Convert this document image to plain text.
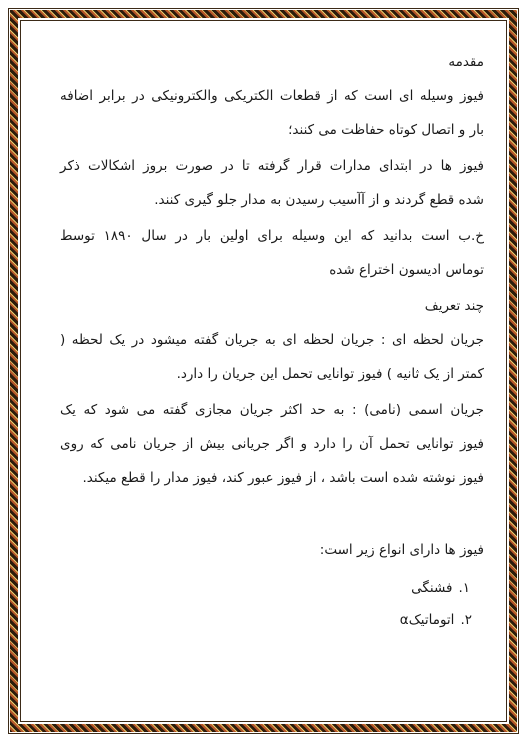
مقدمه
فیوز وسیله ای است که از قطعات الکتریکی والکترونیکی در برابر اضافه
بار و اتصال کوتاه حفاظت می کنند؛
فیوز ها در ابتدای مدارات قرار گرفته تا در صورت بروز اشکالات ذکر
شده قطع گردند و از آآسیب رسیدن به مدار جلو گیری کنند.
خ.ب است بدانید که این وسیله برای اولین بار در سال ۱۸۹۰ توسط
توماس ادیسون اختراع شده
چند تعریف
جریان لحظه ای : جریان لحظه ای به جریان گفته میشود در یک لحظه (
کمتر از یک ثانیه ) فیوز توانایی تحمل این جریان را دارد.
جریان اسمی (نامی) : به حد اکثر جریان مجازی گفته می شود که یک
فیوز توانایی تحمل آن را دارد و اگر جریانی بیش از جریان نامی که روی
فیوز نوشته شده است باشد ، از فیوز عبور کند، فیوز مدار را قطع میکند.
فیوز ها دارای انواع زیر است:
۱.فشنگی
۲.اتوماتیکα
